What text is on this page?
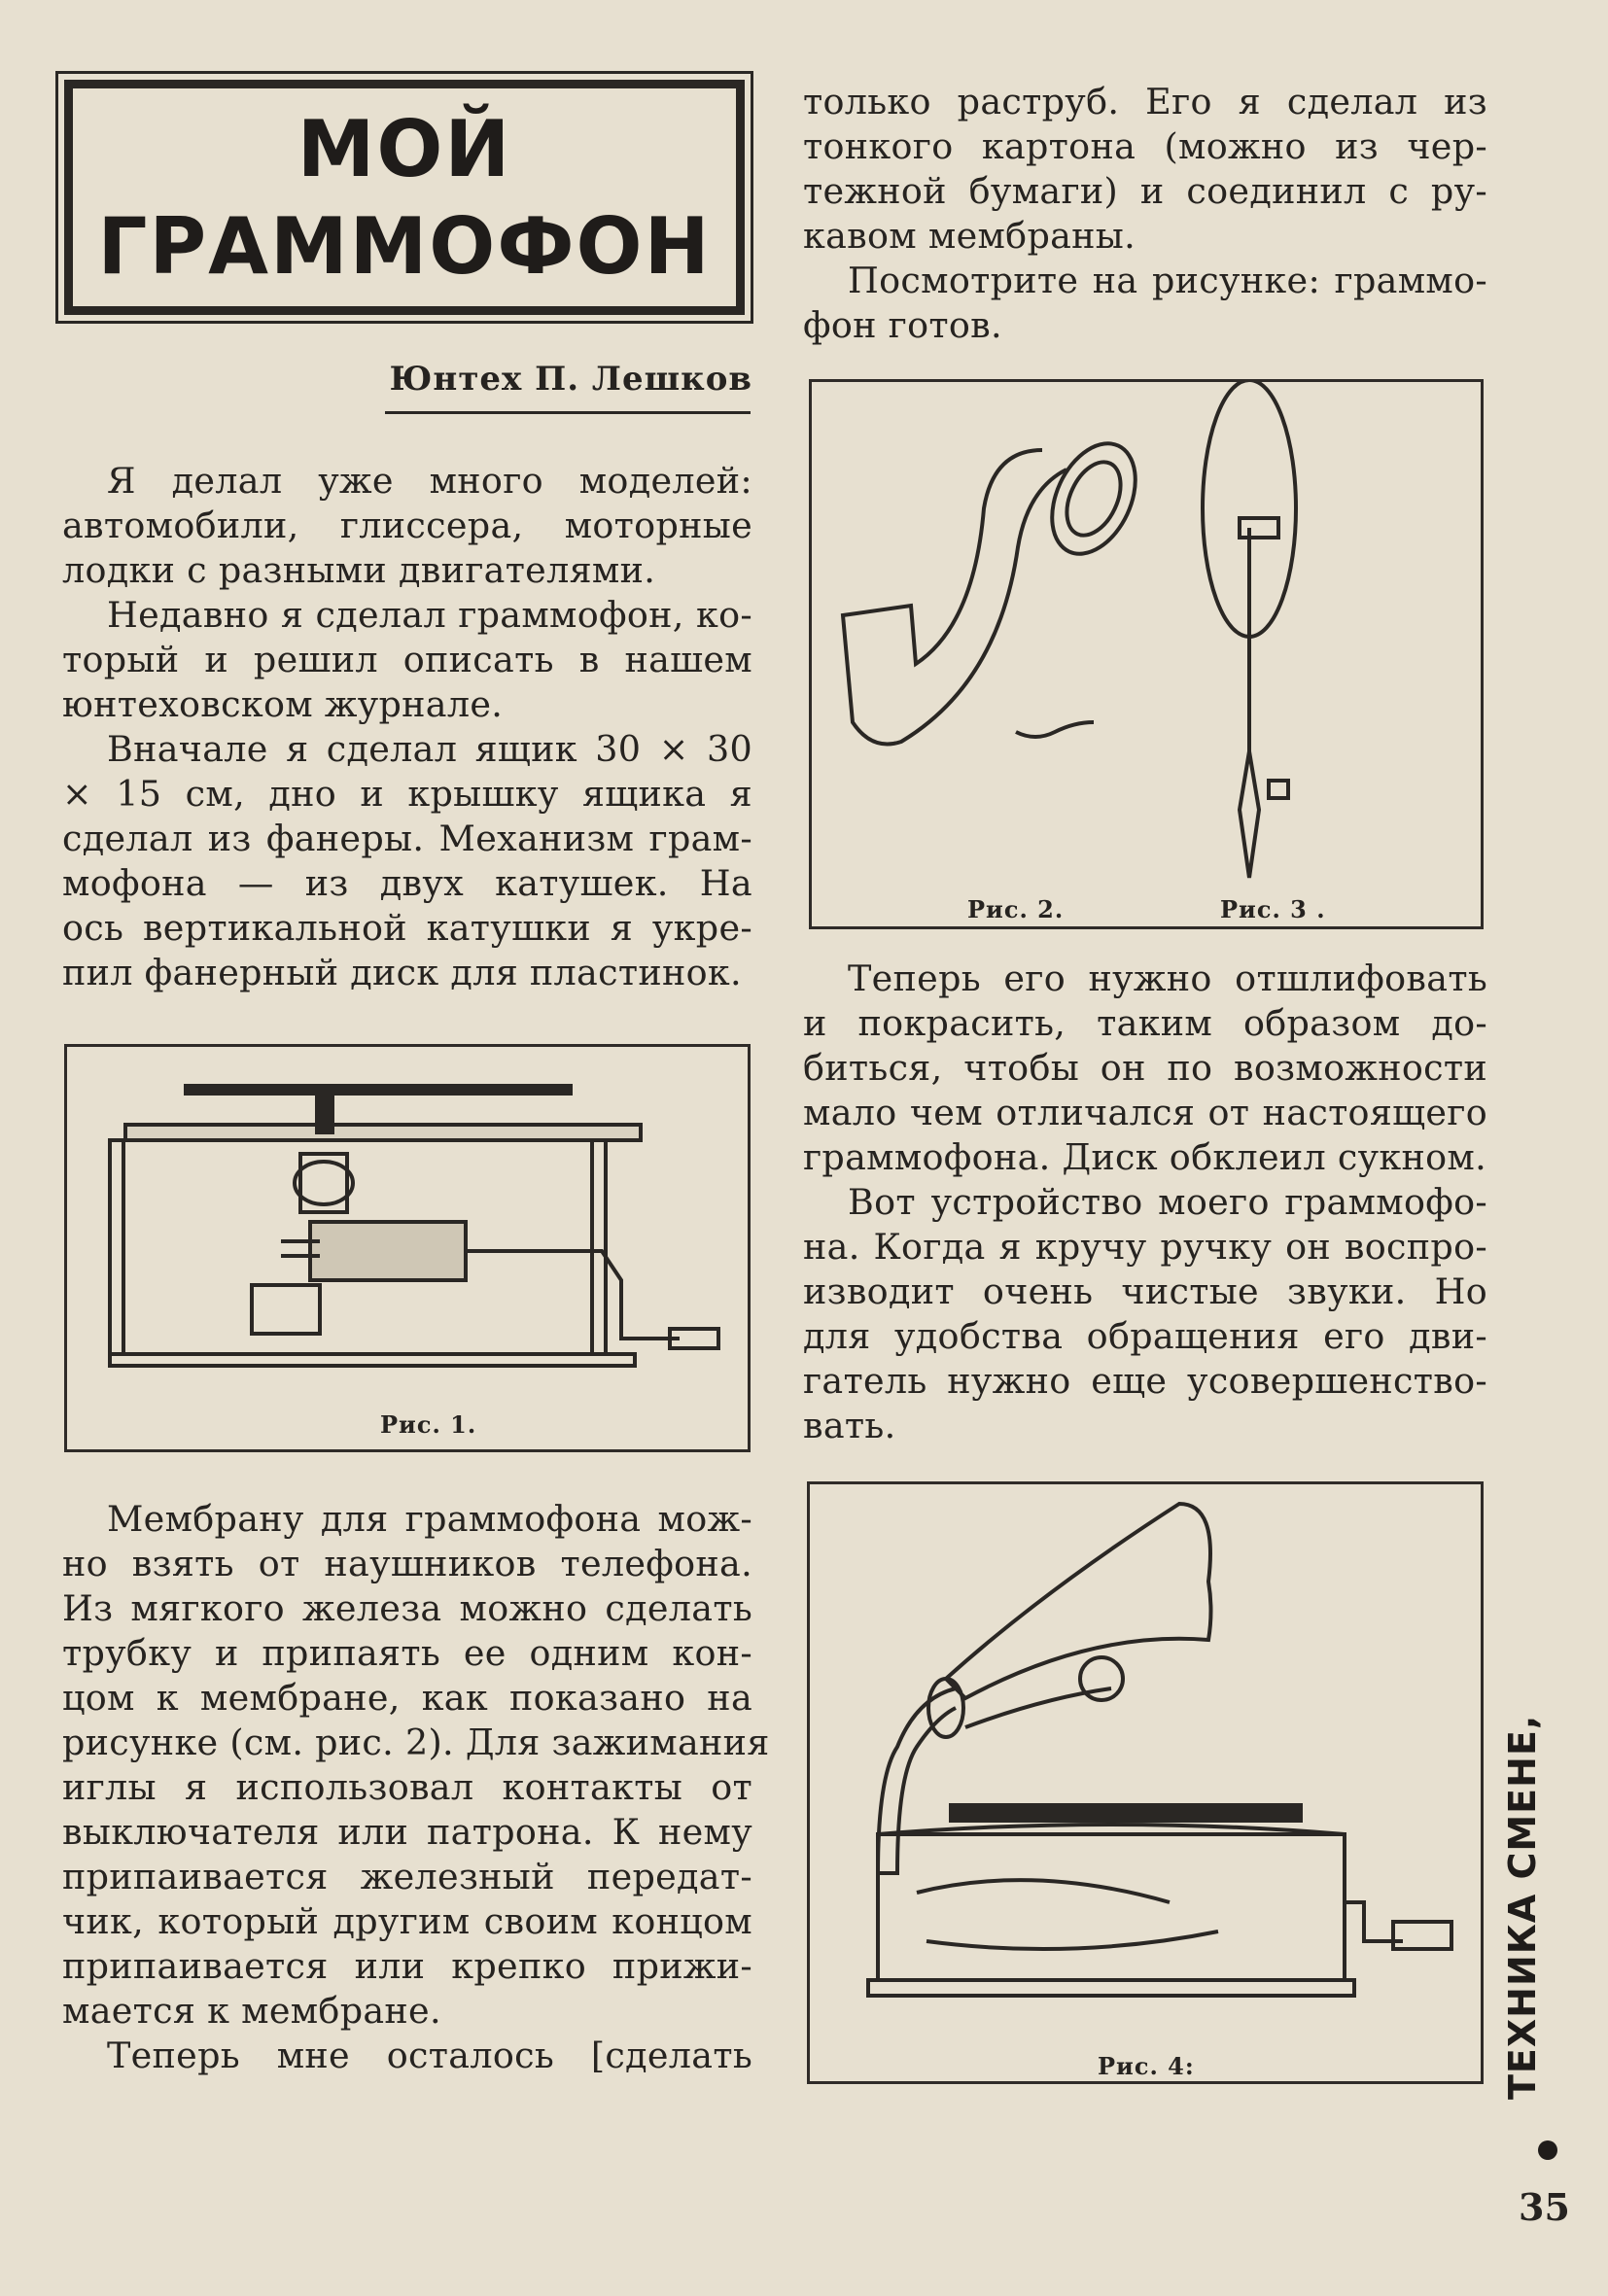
МОЙ
ГРАММОФОН
Юнтех П. Лешков
Я делал уже много моделей:
автомобили, глиссера, моторные
лодки с разными двигателями.
Недавно я сделал граммофон, ко-
торый и решил описать в нашем
юнтеховском журнале.
Вначале я сделал ящик 30 × 30
× 15 см, дно и крышку ящика я
сделал из фанеры. Механизм грам-
мофона — из двух катушек. На
ось вертикальной катушки я укре-
пил фанерный диск для пластинок.
Рис. 1.
Мембрану для граммофона мож-
но взять от наушников телефона.
Из мягкого железа можно сделать
трубку и припаять ее одним кон-
цом к мембране, как показано на
рисунке (см. рис. 2). Для зажимания
иглы я использовал контакты от
выключателя или патрона. К нему
припаивается железный передат-
чик, который другим своим концом
припаивается или крепко прижи-
мается к мембране.
Теперь мне осталось [сделать
только раструб. Его я сделал из
тонкого картона (можно из чер-
тежной бумаги) и соединил с ру-
кавом мембраны.
Посмотрите на рисунке: граммо-
фон готов.
Рис. 2.	Рис. 3 .
Теперь его нужно отшлифовать
и покрасить, таким образом до-
биться, чтобы он по возможности
мало чем отличался от настоящего
граммофона. Диск обклеил сукном.
Вот устройство моего граммофо-
на. Когда я кручу ручку он воспро-
изводит очень чистые звуки. Но
для удобства обращения его дви-
гатель нужно еще усовершенство-
вать.
Рис. 4:	ТЕХНИКА СМЕНЕ,
35
